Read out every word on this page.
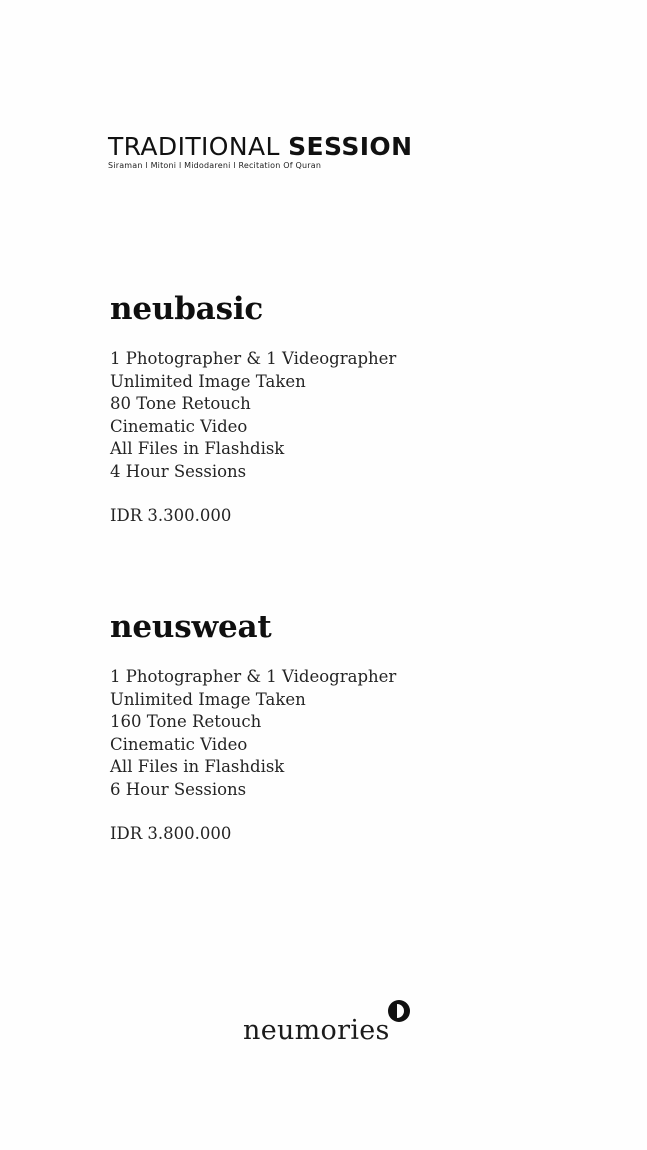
TRADITIONAL SESSION
Siraman l Mitoni l Midodareni l Recitation Of Quran
neubasic
1 Photographer & 1 Videographer
Unlimited Image Taken
80 Tone Retouch
Cinematic Video
All Files in Flashdisk
4 Hour Sessions
IDR 3.300.000
neusweat
1 Photographer & 1 Videographer
Unlimited Image Taken
160 Tone Retouch
Cinematic Video
All Files in Flashdisk
6 Hour Sessions
IDR 3.800.000
neumories
